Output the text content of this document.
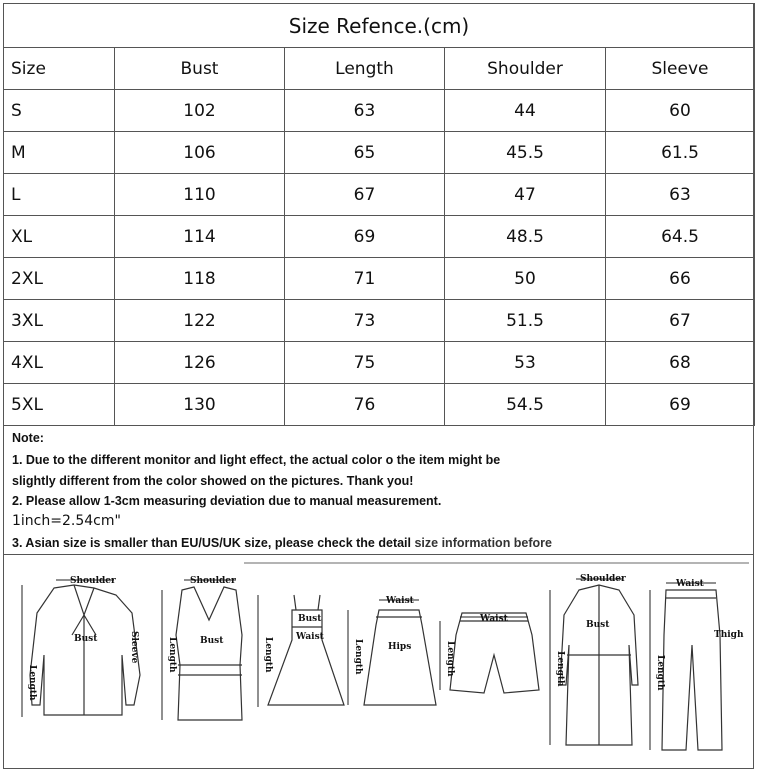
Size Refence.(cm)				
Size	Bust	Length	Shoulder	Sleeve
S	102	63	44	60
M	106	65	45.5	61.5
L	110	67	47	63
XL	114	69	48.5	64.5
2XL	118	71	50	66
3XL	122	73	51.5	67
4XL	126	75	53	68
5XL	130	76	54.5	69
Note:
1. Due to the different monitor and light effect, the actual color o the item might be
slightly different from the color showed on the pictures. Thank you!
2. Please allow 1-3cm measuring deviation due to manual measurement.
1inch=2.54cm"
3. Asian size is smaller than EU/US/UK size, please check the detail size information before
Shoulder
Bust
Length
Sleeve
Shoulder
Bust
Length
Bust
Waist
Length
Waist
Hips
Length
Waist
Length
Shoulder
Bust
Length
Waist
Thigh
Length
